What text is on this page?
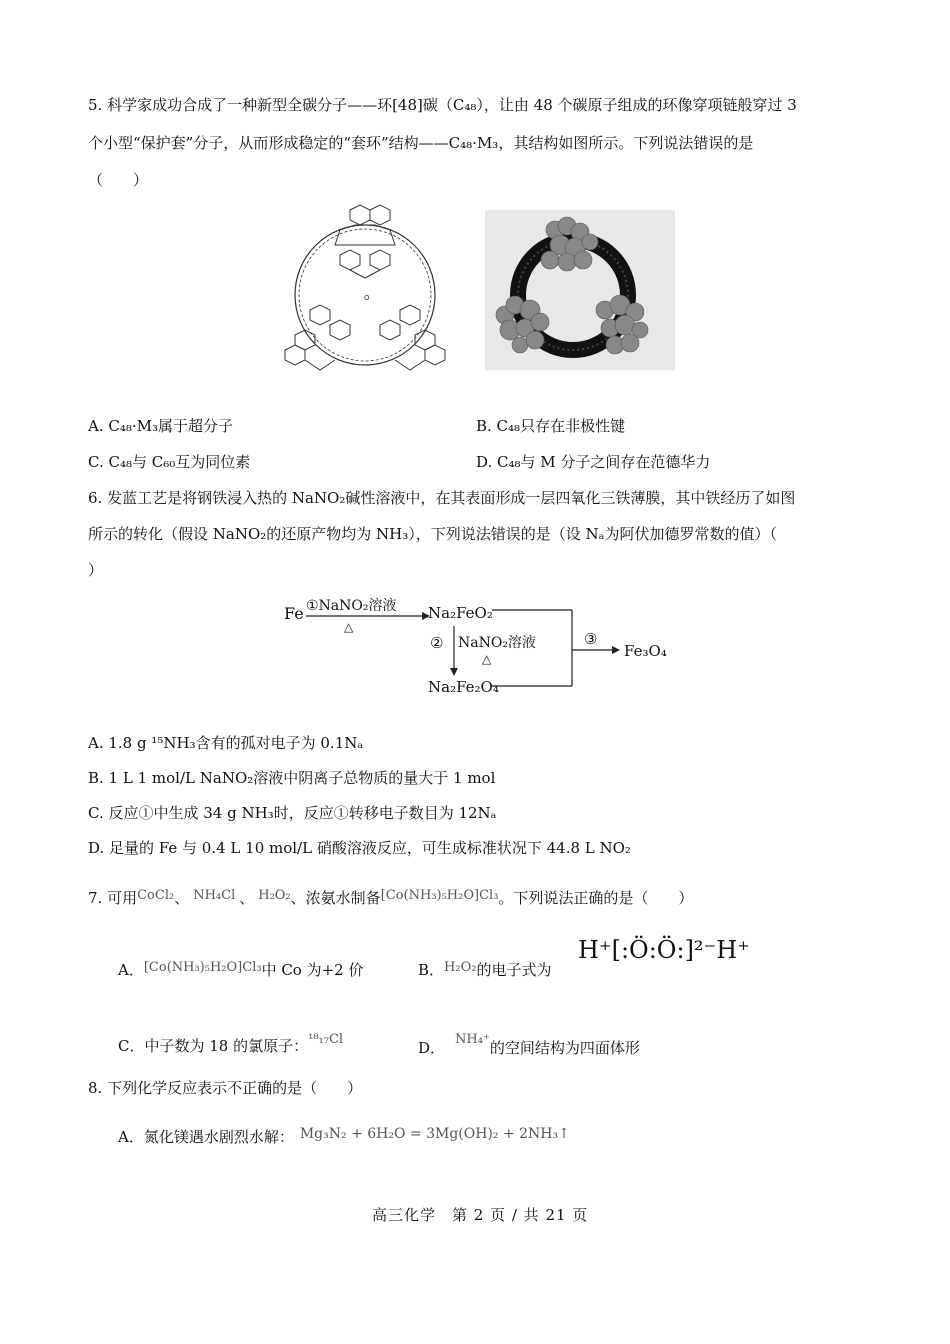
5. 科学家成功合成了一种新型全碳分子——环[48]碳（C₄₈），让由 48 个碳原子组成的环像穿项链般穿过 3
个小型“保护套”分子，从而形成稳定的“套环”结构——C₄₈·M₃，其结构如图所示。下列说法错误的是
（　　）
O
A. C₄₈·M₃属于超分子	B. C₄₈只存在非极性键
C. C₄₈与 C₆₀互为同位素	D. C₄₈与 M 分子之间存在范德华力
6. 发蓝工艺是将钢铁浸入热的 NaNO₂碱性溶液中，在其表面形成一层四氧化三铁薄膜，其中铁经历了如图
所示的转化（假设 NaNO₂的还原产物均为 NH₃），下列说法错误的是（设 Nₐ为阿伏加德罗常数的值）（
）
Fe ①NaNO₂溶液
△
Na₂FeO₂
② NaNO₂溶液
△
Na₂Fe₂O₄
③
Fe₃O₄
A. 1.8 g ¹⁵NH₃含有的孤对电子为 0.1Nₐ
B. 1 L 1 mol/L NaNO₂溶液中阴离子总物质的量大于 1 mol
C. 反应①中生成 34 g NH₃时，反应①转移电子数目为 12Nₐ
D. 足量的 Fe 与 0.4 L 10 mol/L 硝酸溶液反应，可生成标准状况下 44.8 L NO₂
7. 可用CoCl₂、 NH₄Cl 、 H₂O₂、浓氨水制备[Co(NH₃)₅H₂O]Cl₃。下列说法正确的是（　　）
A．[Co(NH₃)₅H₂O]Cl₃中 Co 为+2 价	B．H₂O₂的电子式为
H⁺[:Ö:Ö:]²⁻H⁺
C．中子数为 18 的氯原子：¹⁸₁₇Cl	D． NH₄⁺的空间结构为四面体形
8. 下列化学反应表示不正确的是（　　）
A．氮化镁遇水剧烈水解： Mg₃N₂ + 6H₂O = 3Mg(OH)₂ + 2NH₃↑
高三化学　第 2 页 / 共 21 页
